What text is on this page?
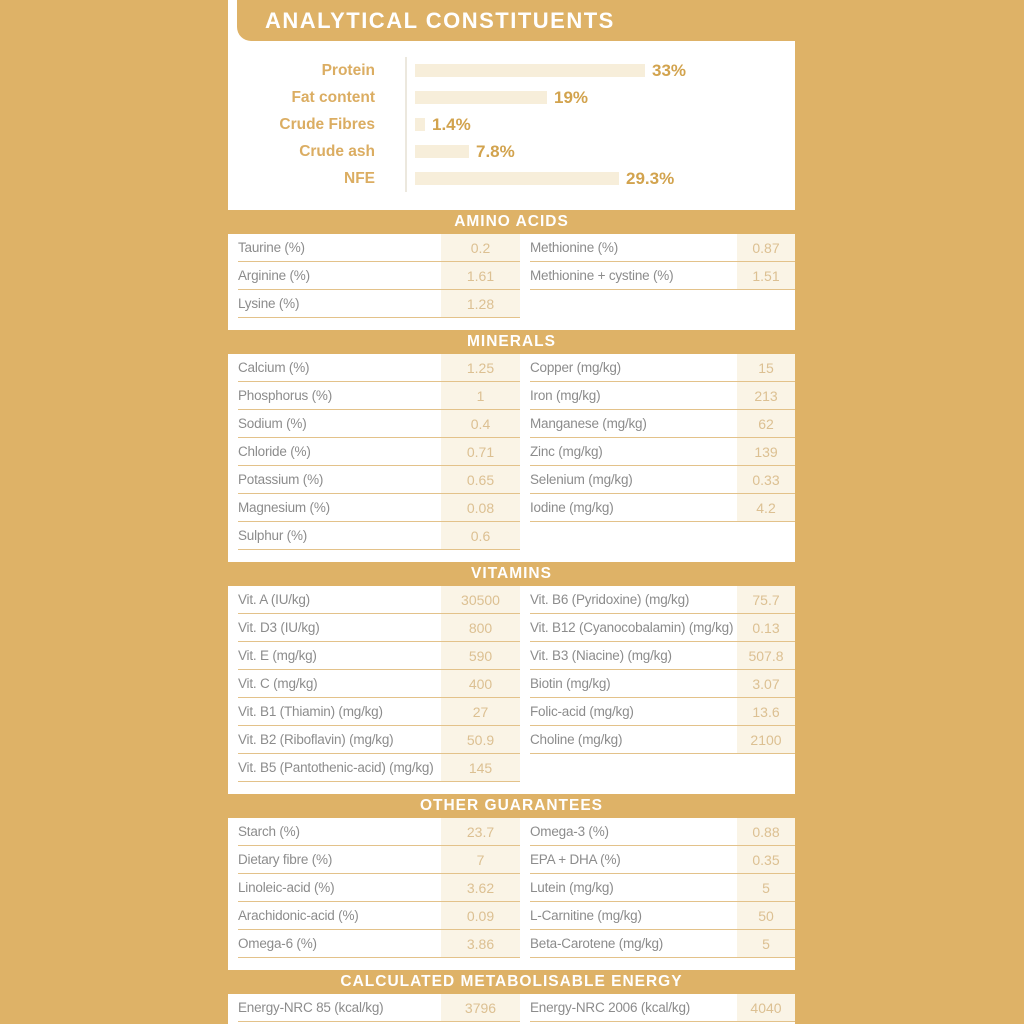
Protein	33%
Fat content	19%
Crude Fibres	1.4%
Crude ash	7.8%
NFE	29.3%
AMINO ACIDS
Taurine (%)	0.2	Methionine (%)	0.87
Arginine (%)	1.61	Methionine + cystine (%)	1.51
Lysine (%)	1.28
MINERALS
Calcium (%)	1.25	Copper (mg/kg)	15
Phosphorus (%)	1	Iron (mg/kg)	213
Sodium (%)	0.4	Manganese (mg/kg)	62
Chloride (%)	0.71	Zinc (mg/kg)	139
Potassium (%)	0.65	Selenium (mg/kg)	0.33
Magnesium (%)	0.08	Iodine (mg/kg)	4.2
Sulphur (%)	0.6
VITAMINS
Vit. A (IU/kg)	30500	Vit. B6 (Pyridoxine) (mg/kg)	75.7
Vit. D3 (IU/kg)	800	Vit. B12 (Cyanocobalamin) (mg/kg)	0.13
Vit. E (mg/kg)	590	Vit. B3 (Niacine) (mg/kg)	507.8
Vit. C (mg/kg)	400	Biotin (mg/kg)	3.07
Vit. B1 (Thiamin) (mg/kg)	27	Folic-acid (mg/kg)	13.6
Vit. B2 (Riboflavin) (mg/kg)	50.9	Choline (mg/kg)	2100
Vit. B5 (Pantothenic-acid) (mg/kg)	145
OTHER GUARANTEES
Starch (%)	23.7	Omega-3 (%)	0.88
Dietary fibre (%)	7	EPA + DHA (%)	0.35
Linoleic-acid (%)	3.62	Lutein (mg/kg)	5
Arachidonic-acid (%)	0.09	L-Carnitine (mg/kg)	50
Omega-6 (%)	3.86	Beta-Carotene (mg/kg)	5
CALCULATED METABOLISABLE ENERGY
Energy-NRC 85 (kcal/kg)	3796	Energy-NRC 2006 (kcal/kg)	4040
ANALYTICAL CONSTITUENTS
